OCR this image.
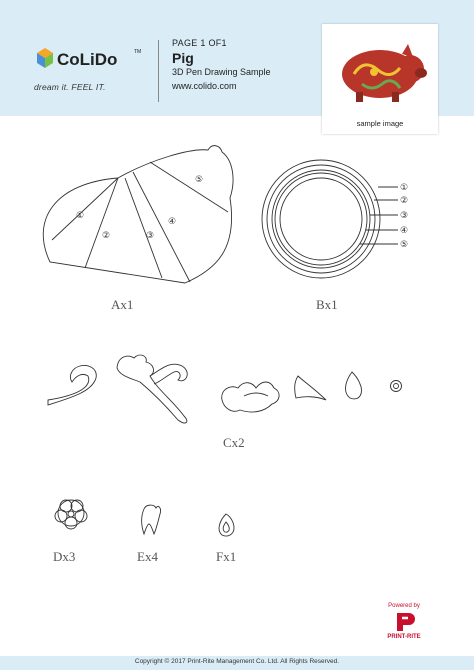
CoLiDo	TM
dream it. FEEL IT.
PAGE 1 OF1
Pig
3D Pen Drawing Sample
www.colido.com
sample image
①
②	③
④
⑤
①
②
③
④
⑤
Ax1	Bx1
Cx2
Dx3	Ex4	Fx1
Powered by
PRINT-RITE
Copyright © 2017 Print-Rite Management Co. Ltd. All Rights Reserved.
